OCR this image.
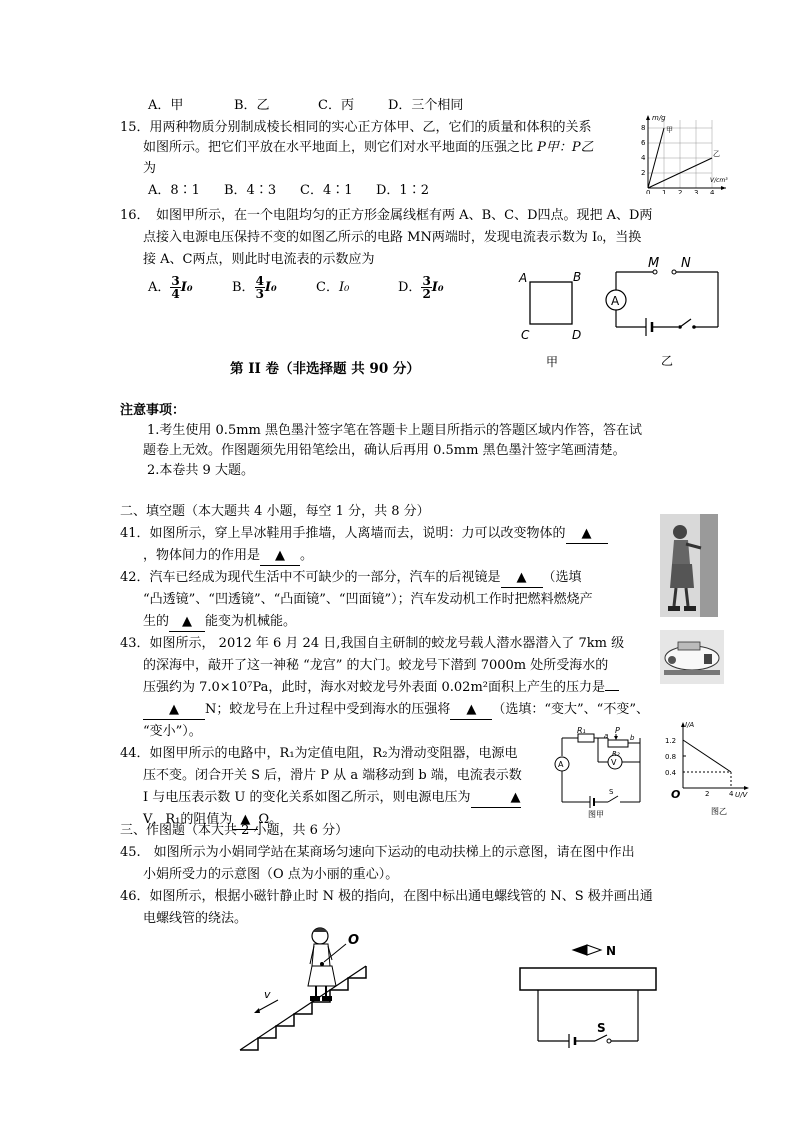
A．甲	B．乙	C．丙	D．三个相同
15．用两种物质分别制成棱长相同的实心正方体甲、乙，它们的质量和体积的关系
如图所示。把它们平放在水平地面上，则它们对水平地面的压强之比 P甲：P乙
为
A．8∶1 B．4∶3 C．4∶1 D．1∶2
m/g
V/cm³
8
6
4
2
0 1 2 3 4
甲
乙
16．　如图甲所示，在一个电阻均匀的正方形金属线框有两 A、B、C、D四点。现把 A、D两
点接入电源电压保持不变的如图乙所示的电路 MN两端时，发现电流表示数为 I₀，当换
接 A、C两点，则此时电流表的示数应为
A． $\frac{3}{4} I_0$	B． $\frac{4}{3} I_0$	C．I₀	D． $\frac{3}{2} I_0$
A	B
C	D
甲
A
M N
乙
第 II 卷（非选择题 共 90 分）
注意事项：
1.考生使用 0.5mm 黑色墨汁签字笔在答题卡上题目所指示的答题区域内作答，答在试
题卷上无效。作图题须先用铅笔绘出，确认后再用 0.5mm 黑色墨汁签字笔画清楚。
2.本卷共 9 大题。
二、填空题（本大题共 4 小题，每空 1 分，共 8 分）
41．如图所示，穿上旱冰鞋用手推墙，人离墙而去，说明：力可以改变物体的 ▲
，物体间力的作用是 ▲ 。
42．汽车已经成为现代生活中不可缺少的一部分，汽车的后视镜是 ▲ （选填
“凸透镜”、“凹透镜”、“凸面镜”、“凹面镜”）；汽车发动机工作时把燃料燃烧产
生的 ▲ 能变为机械能。
43．如图所示， 2012 年 6 月 24 日,我国自主研制的蛟龙号载人潜水器潜入了 7km 级
的深海中，敲开了这一神秘 “龙宫” 的大门。蛟龙号下潜到 7000m 处所受海水的
压强约为 7.0×10⁷Pa，此时，海水对蛟龙号外表面 0.02m²面积上产生的压力是
▲ N；蛟龙号在上升过程中受到海水的压强将 ▲ （选填：“变大”、“不变”、
“变小”）。
44．如图甲所示的电路中，R₁为定值电阻，R₂为滑动变阻器，电源电
压不变。闭合开关 S 后，滑片 P 从 a 端移动到 b 端，电流表示数
I 与电压表示数 U 的变化关系如图乙所示，则电源电压为	▲
V，R₁的阻值为 ▲ Ω。
R₁	P
a	b
R₂
A	V
S
图甲
I/A
U/V
1.2
0.8
0.4
2	4
O
图乙
三、作图题（本大共 2 小题，共 6 分）
45.　如图所示为小娟同学站在某商场匀速向下运动的电动扶梯上的示意图，请在图中作出
小娟所受力的示意图（O 点为小丽的重心）。
46．如图所示，根据小磁针静止时 N 极的指向，在图中标出通电螺线管的 N、S 极并画出通
电螺线管的绕法。
O
v
N
S
